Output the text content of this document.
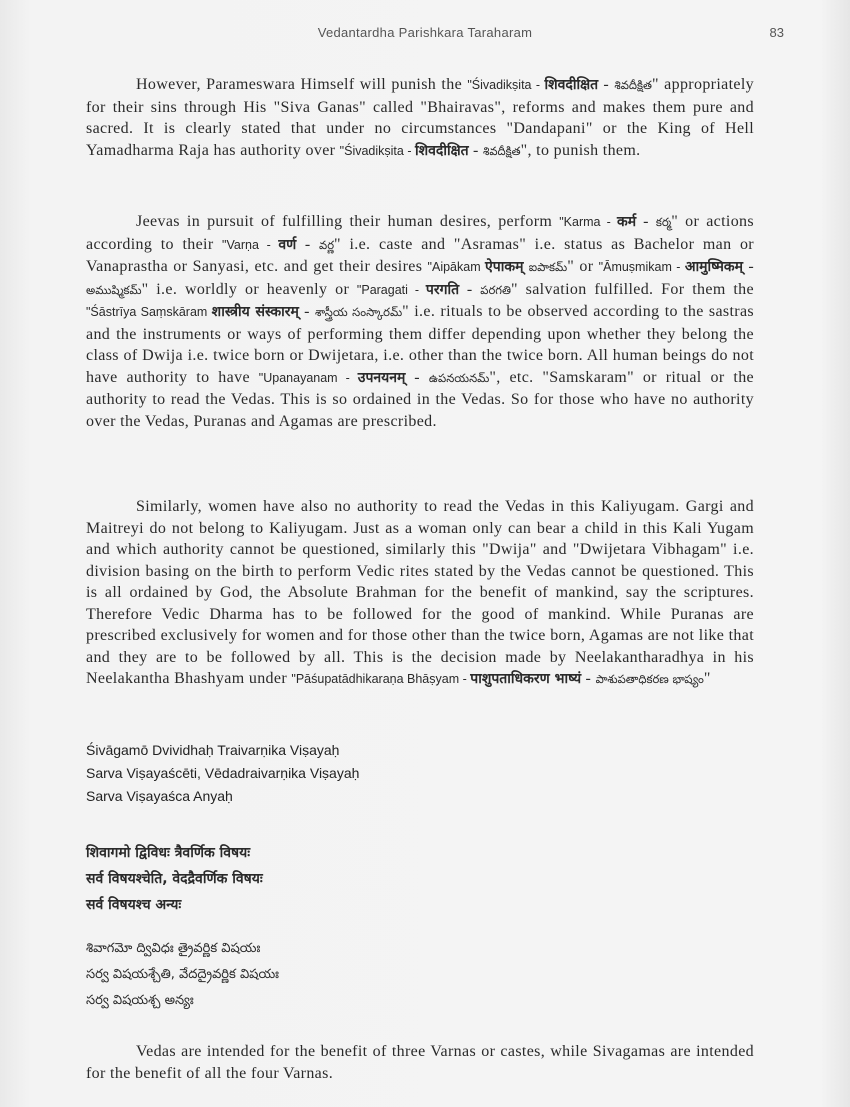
Vedantardha Parishkara Taraharam	83

However, Parameswara Himself will punish the "Śivadikṣita - शिवदीक्षित - శివదీక్షిత" appropriately for their sins through His "Siva Ganas" called "Bhairavas", reforms and makes them pure and sacred. It is clearly stated that under no circumstances "Dandapani" or the King of Hell Yamadharma Raja has authority over "Śivadikṣita - शिवदीक्षित - శివదీక్షిత", to punish them.

Jeevas in pursuit of fulfilling their human desires, perform "Karma - कर्म - కర్మ" or actions according to their "Varṇa - वर्ण - వర్ణ" i.e. caste and "Asramas" i.e. status as Bachelor man or Vanaprastha or Sanyasi, etc. and get their desires "Aipākam ऐपाकम् ఐపాకమ్" or "Āmuṣmikam - आमुष्मिकम् - అముష్మికమ్" i.e. worldly or heavenly or "Paragati - परगति - పరగతి" salvation fulfilled. For them the "Śāstrīya Saṃskāram शास्त्रीय संस्कारम् - శాస్త్రీయ సంస్కారమ్" i.e. rituals to be observed according to the sastras and the instruments or ways of performing them differ depending upon whether they belong the class of Dwija i.e. twice born or Dwijetara, i.e. other than the twice born. All human beings do not have authority to have "Upanayanam - उपनयनम् - ఉపనయనమ్", etc. "Samskaram" or ritual or the authority to read the Vedas. This is so ordained in the Vedas. So for those who have no authority over the Vedas, Puranas and Agamas are prescribed.

Similarly, women have also no authority to read the Vedas in this Kaliyugam. Gargi and Maitreyi do not belong to Kaliyugam. Just as a woman only can bear a child in this Kali Yugam and which authority cannot be questioned, similarly this "Dwija" and "Dwijetara Vibhagam" i.e. division basing on the birth to perform Vedic rites stated by the Vedas cannot be questioned. This is all ordained by God, the Absolute Brahman for the benefit of mankind, say the scriptures. Therefore Vedic Dharma has to be followed for the good of mankind. While Puranas are prescribed exclusively for women and for those other than the twice born, Agamas are not like that and they are to be followed by all. This is the decision made by Neelakantharadhya in his Neelakantha Bhashyam under "Pāśupatādhikaraṇa Bhāṣyam - पाशुपताधिकरण भाष्यं - పాశుపతాధికరణ భాష్యం"

Śivāgamō Dvividhaḥ Traivarṇika Viṣayaḥ
Sarva Viṣayaścēti, Vēdadraivarṇika Viṣayaḥ
Sarva Viṣayaśca Anyaḥ
शिवागमो द्विविधः त्रैवर्णिक विषयः
सर्व विषयश्चेति, वेदद्रैवर्णिक विषयः
सर्व विषयश्च अन्यः
శివాగమో ద్వివిధః త్రైవర్ణిక విషయః
సర్వ విషయశ్చేతి, వేదద్రైవర్ణిక విషయః
సర్వ విషయశ్చ అన్యః

Vedas are intended for the benefit of three Varnas or castes, while Sivagamas are intended for the benefit of all the four Varnas.
